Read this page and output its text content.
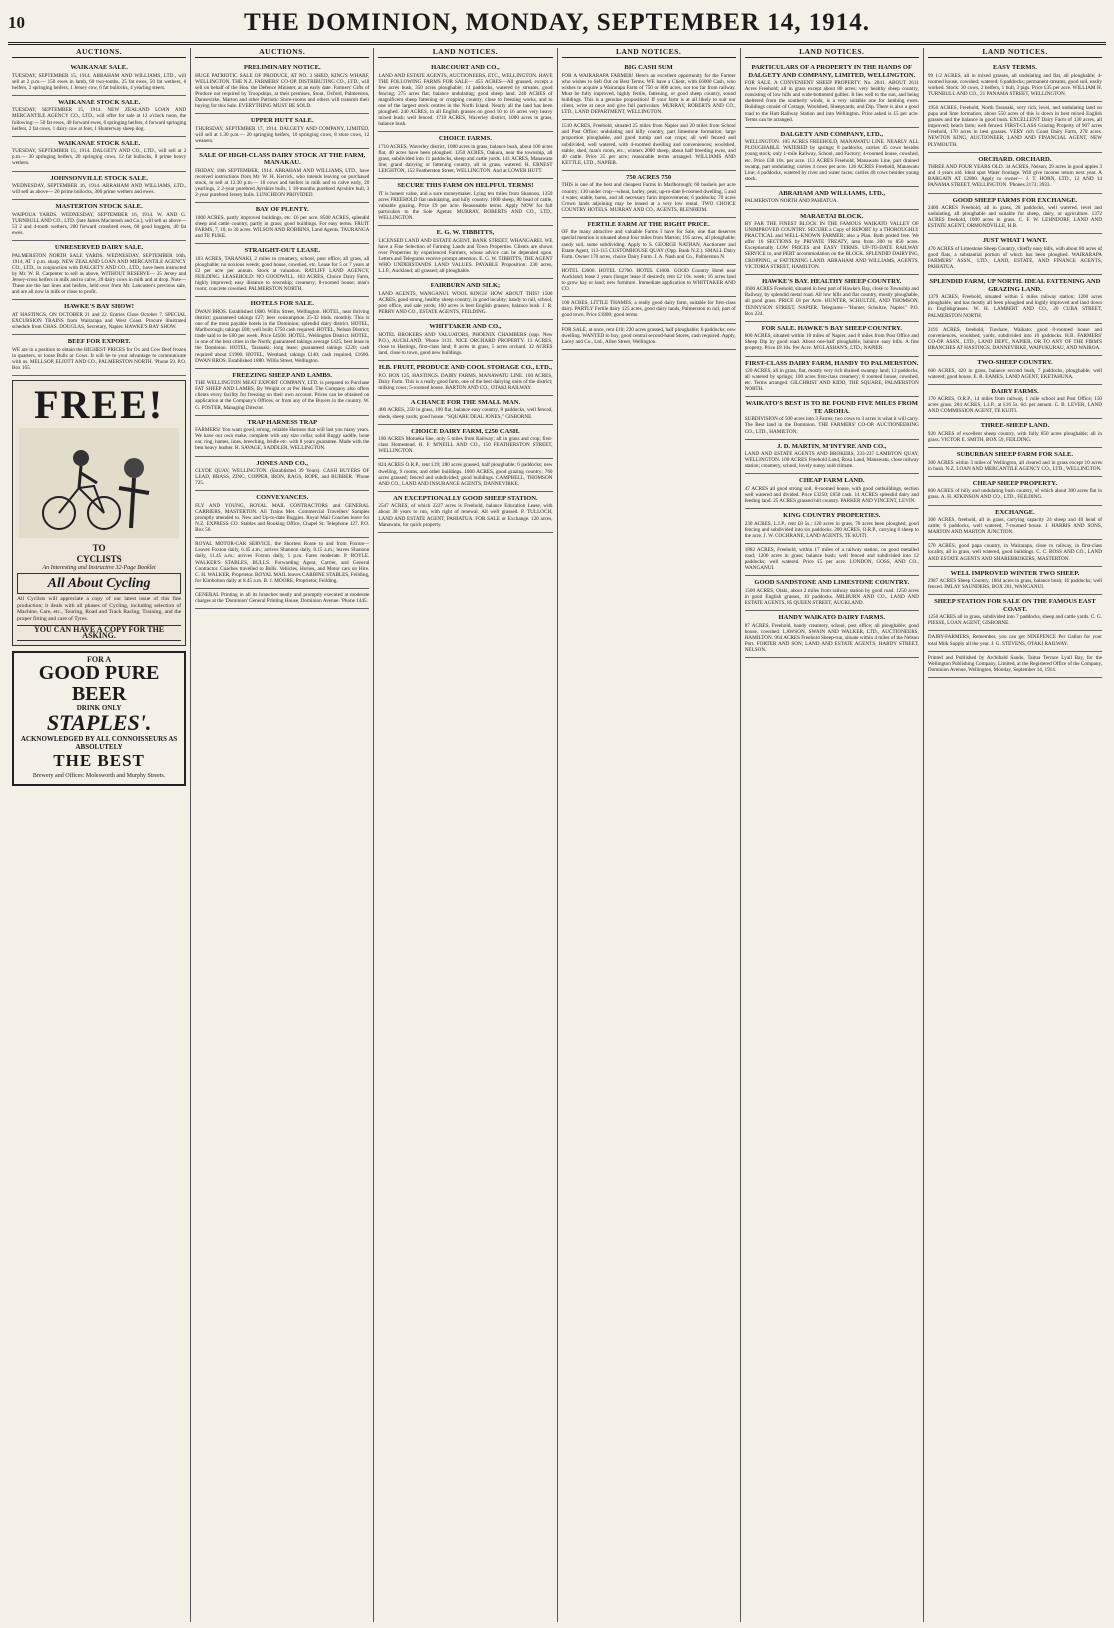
10	THE DOMINION, MONDAY, SEPTEMBER 14, 1914.
AUCTIONS.
WAIKANAE SALE.
TUESDAY, SEPTEMBER 15, 1914. ABRAHAM AND WILLIAMS, LTD., will sell at 2 p.m.— 150 ewes in lamb, 60 two-tooths, 25 fat ewes, 50 fat wethers, 6 heifers, 2 springing heifers, 1 Jersey cow, 6 fat bullocks, 4 yearling steers.
WAIKANAE STOCK SALE.
TUESDAY, SEPTEMBER 15, 1914. NEW ZEALAND LOAN AND MERCANTILE AGENCY CO., LTD., will offer for sale at 12 o'clock noon, the following:— 50 fat ewes, 40 forward ewes, 6 springing heifers, 4 forward springing heifers, 2 fat cows, 1 dairy cow at foot, 1 Hunterway sheep dog.
WAIKANAE STOCK SALE.
TUESDAY, SEPTEMBER 15, 1914. DALGETY AND CO., LTD., will sell at 2 p.m.— 30 springing heifers, 20 springing cows, 12 fat bullocks, 8 prime heavy wethers.
JOHNSONVILLE STOCK SALE.
WEDNESDAY, SEPTEMBER 16, 1914. ABRAHAM AND WILLIAMS, LTD., will sell as above— 20 prime bullocks, 300 prime wethers and ewes.
MASTERTON STOCK SALE.
WAIPOUA YARDS. WEDNESDAY, SEPTEMBER 16, 1914. W. AND G. TURNBULL AND CO., LTD. (late James Macintosh and Co.), will sell as above— 53 2 and 4-tooth wethers, 200 forward crossbred ewes, 60 good hoggets, 40 fat ewes.
UNRESERVED DAIRY SALE.
PALMERSTON NORTH SALE YARDS. WEDNESDAY, SEPTEMBER 16th, 1914, AT 1 p.m. sharp. NEW ZEALAND LOAN AND MERCANTILE AGENCY CO., LTD., in conjunction with DALGETY AND CO., LTD., have been instructed by Mr. W. B. Carpenter to sell as above, WITHOUT RESERVE— 25 Jersey and Jersey-cross heifers in milk and to calve, 20 dairy cows in milk and at drop. Note—These are the last lines and heifers, held over from Mr. Lancaster's previous sale, and are all now in milk or close to profit.
HAWKE'S BAY SHOW!
AT HASTINGS, ON OCTOBER 21 and 22. Entries Close October 7. SPECIAL EXCURSION TRAINS from Wairarapa and West Coast. Procure illustrated schedule from CHAS. DOUGLAS, Secretary, Napier. HAWKE'S BAY SHOW.
BEEF FOR EXPORT.
WE are in a position to obtain the HIGHEST PRICES for Ox and Cow Beef frozen in quarters, or loose Bulls or Cows. It will be to your advantage to communicate with us. MELLSOP, ELIOTT AND CO., PALMERSTON NORTH. 'Phone 59. P.O. Box 165.
FREE!
TO
CYCLISTS
An Interesting and Instructive 32-Page Booklet
All About Cycling
All Cyclists will appreciate a copy of our latest issue of this fine production; it deals with all phases of Cycling, including selection of Machine, Care, etc., Touring, Road and Track Racing, Training, and the proper fitting and care of Tyres.
YOU CAN HAVE A COPY FOR THE ASKING.
FOR A
GOOD PURE BEER
DRINK ONLY
STAPLES'.
ACKNOWLEDGED BY ALL CONNOISSEURS AS ABSOLUTELY
THE BEST
Brewery and Offices: Molesworth and Murphy Streets.
AUCTIONS.
PRELIMINARY NOTICE.
HUGE PATRIOTIC SALE OF PRODUCE, AT NO. 3 SHED, KING'S WHARF, WELLINGTON. THE N.Z. FARMERS' CO-OP. DISTRIBUTING CO., LTD., will sell on behalf of the Hon. the Defence Minister, at an early date. Farmers' Gifts of Produce not required by Troopships, at their premises, Stout, Oxford, Palmerston, Dannevirke, Marton and other Patriotic Store-rooms and others will transmit their buying for this Sale. EVERYTHING MUST BE SOLD.
UPPER HUTT SALE.
THURSDAY, SEPTEMBER 17, 1914. DALGETY AND COMPANY, LIMITED, will sell at 1.30 p.m.— 20 springing heifers, 10 springing cows, 8 store cows, 12 weaners.
SALE OF HIGH-CLASS DAIRY STOCK AT THE FARM, MANAKAU.
FRIDAY, 18th SEPTEMBER, 1914. ABRAHAM AND WILLIAMS, LTD., have received instructions from Mr. W. H. Kerrick, who intends leaving on purchased stock, to sell at 12.30 p.m.— 18 cows and heifers in milk and to calve early, 20 yearlings, 2 2-year purebred Ayrshire bulls, 1 18-months purebred Ayrshire bull, 3 2-year purebred Jersey bulls. LUNCHEON PROVIDED.
BAY OF PLENTY.
1000 ACRES, partly improved buildings, etc. £6 per acre. 8500 ACRES, splendid sheep and cattle country, partly in grass; good buildings. For easy terms. FRUIT FARMS, 7, 10, to 30 acres. WILSON AND ROBBINS, Land Agents, TAURANGA and TE PUKE.
STRAIGHT-OUT LEASE.
103 ACRES, TARANAKI, 2 miles to creamery, school, post office; all grass, all ploughable; no noxious weeds; good house, cowshed, etc. Lease for 5 or 7 years at £2 per acre per annum. Stock at valuation. RATLIFF LAND AGENCY, FEILDING. LEASEHOLD: NO GOODWILL. 103 ACRES, Choice Dairy Farm, highly improved; easy distance to township; creamery; 8-roomed house; man's room; concrete cowshed. PALMERSTON NORTH.
HOTELS FOR SALE.
DWAN BROS. Established 1880. Willis Street, Wellington. HOTEL, near thriving district; guaranteed takings £27; beer consumption 25-32 hhds. monthly. This is one of the most payable hotels in the Dominion; splendid dairy district. HOTEL, Marlborough; takings £80; well built; £750 cash required. HOTEL, Nelson District; trade said to be £60 per week. Price £4500. HOTEL, Wellington District. HOTEL, in one of the best cities in the North; guaranteed takings average £425; best lease in the Dominion. HOTEL, Taranaki; long lease; guaranteed takings £220; cash required about £1900. HOTEL, Westland; takings £140; cash required, £1600. DWAN BROS. Established 1880. Willis Street, Wellington.
FREEZING SHEEP AND LAMBS.
THE WELLINGTON MEAT EXPORT COMPANY, LTD. is prepared to Purchase FAT SHEEP AND LAMBS, By Weight or at Per Head. The Company also offers clients every facility for freezing on their own account. Prices can be obtained on application at the Company's Offices, or from any of the Buyers in the country. W. G. FOSTER, Managing Director.
TRAP HARNESS TRAP
FARMERS! You want good, strong, reliable Harness that will last you many years. We have our own make, complete with any size collar, solid Buggy saddle, bone ear, ring, hames, lines, breeching, bridle etc. with 8 years guarantee. Made with the best heavy leather. H. SAVAGE, SADDLER, WELLINGTON.
JONES AND CO.,
CLYDE QUAY, WELLINGTON. (Established 39 Years). CASH BUYERS OF LEAD, BRASS, ZINC, COPPER, IRON, RAGS, ROPE, and RUBBER. 'Phone 725.
CONVEYANCES.
FLY AND YOUNG, ROYAL MAIL CONTRACTORS and GENERAL CARRIERS, MASTERTON. All Trains Met. Commercial Travellers' Samples promptly attended to. New and Up-to-date Buggies. Royal Mail Coaches leave for N.Z. EXPRESS CO. Stables and Booking Office, Chapel St. Telephone 127. P.O. Box 56.
ROYAL MOTOR-CAR SERVICE, the Shortest Route to and from Foxton—Leaves Foxton daily, 6.45 a.m.; arrives Shannon daily, 8.15 a.m.; leaves Shannon daily, 11.45 a.m.; arrives Foxton daily, 1 p.m. Fares moderate. P. BOYLE. WALKER'S STABLES, BULLS. Forwarding Agent, Carrier, and General Contractor. Coaches travelled to Bulls. Vehicles, Horses, and Motor cars on Hire. C. H. WALKER, Proprietor. ROYAL MAIL leaves CARBINE STABLES, Feilding, for Kimbolton daily at 8.45 a.m. B. J. MOORE, Proprietor, Feilding.
GENERAL Printing in all its branches neatly and promptly executed at moderate charges at the 'Dominion' General Printing House, Dominion Avenue. 'Phone 1445.
LAND NOTICES.
HARCOURT AND CO.,
LAND AND ESTATE AGENTS, AUCTIONEERS, ETC., WELLINGTON. HAVE THE FOLLOWING FARMS FOR SALE— 455 ACRES—All grassed, except a few acres bush, 350 acres ploughable; 14 paddocks, watered by streams, good fencing; 275 acres flat; balance undulating; good sheep land. 240 ACRES of magnificent sheep fattening or cropping country, close to freezing works, and to one of the largest stock centres in the North Island. Nearly all the land has been ploughed. 240 ACRES, in all English grasses on good 10 to 16 acres very heavy mixed bush; well fenced. 1710 ACRES, Waverley district, 1000 acres in grass, balance bush.
CHOICE FARMS.
1710 ACRES, Waverley district, 1000 acres in grass, balance bush, about 100 acres flat, 40 acres have been ploughed. 1250 ACRES, Oakura, near the township, all grass, subdivided into 11 paddocks, sheep and cattle yards. 141 ACRES, Manawatu line; grand dairying or fattening country, all in grass, watered. H. ERNEST LEIGHTON, 152 Featherston Street, WELLINGTON. And at LOWER HUTT.
SECURE THIS FARM ON HELPFUL TERMS!
IT is honest value, and a sure moneymaker. Lying ten miles from Shannon, 1350 acres FREEHOLD flat undulating, and hilly country. 1000 sheep, 80 head of cattle, valuable grazing. Price £9 per acre. Reasonable terms. Apply NOW for full particulars to the Sole Agents: MURRAY, ROBERTS AND CO., LTD., WELLINGTON.
E. G. W. TIBBITTS,
LICENSED LAND AND ESTATE AGENT, BANK STREET, WHANGAREI. WE have a Fine Selection of Farming Lands and Town Properties. Clients are shown over Properties by experienced Farmers, whose advice can be depended upon. Letters and Telegrams receive prompt attention. E. G. W. TIBBITTS, THE AGENT WHO UNDERSTANDS LAND VALUES. PAYABLE Proposition: 230 acres, L.I.P., Auckland; all grassed; all ploughable.
FAIRBURN AND SILK;
LAND AGENTS, WANGANUI. WOOL KINGS! HOW ABOUT THIS? 1500 ACRES, good strong, healthy sheep country, in good locality; handy to rail, school, post office, and sale yards; 160 acres is best English grasses, balance bush. J. R. PERRY AND CO., ESTATE AGENTS, FEILDING.
WHITTAKER AND CO.,
HOTEL BROKERS AND VALUATORS, PHOENIX CHAMBERS (opp. New P.O.), AUCKLAND. 'Phone 3131. NICE ORCHARD PROPERTY. 13 ACRES, close to Hastings, first-class land; 8 acres in grass, 5 acres orchard. 32 ACRES land, close to town, good new buildings.
H.B. FRUIT, PRODUCE AND COOL STORAGE CO., LTD.,
P.O. BOX 125, HASTINGS. DAIRY FARMS, MANAWATU LINE. 100 ACRES, Dairy Farm. This is a really good farm, one of the best dairying units of the district; milking cows; 5-roomed house. BARTON AND CO., OTAKI RAILWAY.
A CHANCE FOR THE SMALL MAN.
400 ACRES, 250 in grass, 100 flat, balance easy country, 8 paddocks, well fenced, sheds, sheep yards; good house. "SQUARE DEAL JONES," GISBORNE.
CHOICE DAIRY FARM, £250 CASH.
180 ACRES Motueka line, only 5 miles from Railway; all in grass and crop; first-class Homestead. H. F. M'NEILL AND CO., 150 FEATHERSTON STREET, WELLINGTON.
824 ACRES O.R.P., rent £19; 280 acres grassed, half ploughable; 6 paddocks; new dwelling, 9 rooms, and other buildings. 1000 ACRES, good grazing country; 760 acres grassed; fenced and subdivided; good buildings. CAMPBELL, THOMSON AND CO., LAND AND INSURANCE AGENTS, DANNEVIRKE.
AN EXCEPTIONALLY GOOD SHEEP STATION.
2547 ACRES, of which 2227 acres is Freehold, balance Education Lease, with about 30 years to run, with right of renewal. All well grassed. P. TULLOCH, LAND AND ESTATE AGENT, PAHIATUA. FOR SALE or Exchange. 120 acres, Manawatu, for quick property.
LAND NOTICES.
BIG CASH SUM
FOR A WAIRARAPA FARMER! Here's an excellent opportunity for the Farmer who wishes to Sell Out on Best Terms. WE have a Client, with £6000 Cash, who wishes to acquire a Wairarapa Farm of 750 or 800 acres, not too far from railway. Must be fully improved, highly fertile, fattening, or good sheep country, sound buildings. This is a genuine proposition! If your farm is at all likely to suit our client, write at once and give full particulars. MURRAY, ROBERTS AND CO., LTD., LAND DEPARTMENT, WELLINGTON.
1510 ACRES, Freehold, situated 25 miles from Napier and 20 miles from School and Post Office; undulating and hilly country, part limestone formation; large proportion ploughable, and good turnip and oat crops; all well fenced and subdivided, well watered, with 4-roomed dwelling and conveniences; woolshed, stable, shed, man's room, etc.; winters 2000 sheep, about half breeding ewes, and 40 cattle. Price 25 per acre; reasonable terms arranged. WILLIAMS AND KETTLE, LTD., NAPIER.
750 ACRES 750
THIS is one of the best and cheapest Farms in Marlborough; 60 bushels per acre country; 130 under crop—wheat, barley, peas; up-to-date 8-roomed dwelling, 5 and 4 water, stable, barns, and all necessary farm improvements; 6 paddocks; 70 acres Crown lands adjoining may be leased at a very low rental. TWO CHOICE COUNTRY HOTELS. MURRAY AND CO., AGENTS, BLENHEIM.
FERTILE FARM AT THE RIGHT PRICE.
OF the many attractive and valuable Farms I have for Sale, one that deserves special mention is situated about four miles from Marton; 195 acres, all ploughable; sandy soil, some subdividing. Apply to S. GEORGE NATHAN, Auctioneer and Estate Agent, 113-115 CUSTOMHOUSE QUAY (Opp. Bank N.Z.). SMALL Dairy Farm. Owner 170 acres, choice Dairy Farm. J. A. Nash and Co., Palmerston N.
HOTEL £2000. HOTEL £2700. HOTEL £1000. GOOD Country Hotel near Auckland; lease 2 years (longer lease if desired); rent £2 10s. week; 16 acres land to grow hay or land; new furniture. Immediate application to WHITTAKER AND CO.
100 ACRES, LITTLE THAMES, a really good dairy farm, suitable for first-class dairy. PARTLY Fertile dairy 125 acres, good dairy lands, Palmerston to rail, part of good town. Price £1800; good terms.
FOR SALE, at once, rent £10; 220 acres grassed, half ploughable; 6 paddocks; new dwelling. WANTED to buy, good central second-hand Stores, cash required. Apply, Lacey and Co., Ltd., Allen Street, Wellington.
LAND NOTICES.
PARTICULARS OF A PROPERTY IN THE HANDS OF DALGETY AND COMPANY, LIMITED, WELLINGTON.
FOR SALE. A CONVENIENT SHEEP PROPERTY. No. 2041. ABOUT 2611 Acres Freehold; all in grass except about 80 acres; very healthy sheep country, consisting of low hills and wide-bottomed gullies. It lies well to the sun, and being sheltered from the southerly winds, is a very suitable one for lambing ewes. Buildings consist of Cottage, Woolshed, Sheepyards, and Dip. There is also a good road to the Hutt Railway Station and into Wellington. Price asked is £5 per acre. Terms can be arranged.
DALGETY AND COMPANY, LTD.,
WELLINGTON. 105 ACRES FREEHOLD, MANAWATU LINE. NEARLY ALL PLOUGHABLE. WATERED by springs; 8 paddocks, carries 45 cows besides young stock; only 1-mile Railway, School, and Factory; 4-roomed house, cowshed, etc. Price £38 10s. per acre. 113 ACRES Freehold, Manawatu Line, part drained swamp, part undulating; carries 4 cows per acre. 126 ACRES Freehold, Manawatu Line; 4 paddocks, watered by river and water races; carries 40 cows besides young stock.
ABRAHAM AND WILLIAMS, LTD.,
PALMERSTON NORTH AND PAHIATUA.
MARAETAI BLOCK.
BY FAR THE FINEST BLOCK IN THE FAMOUS WAIKATO VALLEY OF UNIMPROVED COUNTRY. SECURE a Copy of REPORT by a THOROUGHLY PRACTICAL and WELL-KNOWN FARMER; also a Plan. Both posted free. We offer 16 SECTIONS by PRIVATE TREATY, area from 200 to 850 acres. Exceptionally LOW PRICES and EASY TERMS. UP-TO-DATE RAILWAY SERVICE to, and PERT accommodation on the BLOCK. SPLENDID DAIRYING, CROPPING, or FATTENING LAND. ABRAHAM AND WILLIAMS, AGENTS, VICTORIA STREET, HAMILTON.
HAWKE'S BAY. HEALTHY SHEEP COUNTRY.
1600 ACRES Freehold, situated in best part of Hawke's Bay, close to Township and Railway, by splendid metal road. All low hills and flat country, mostly ploughable, all good grass. PRICE £8 per Acre. HUNTER, SCHULTZE, AND THOMSON, TENNYSON STREET, NAPIER. Telegrams—"Hunter, Schultze, Napier." P.O. Box 224.
FOR SALE. HAWKE'S BAY SHEEP COUNTRY.
600 ACRES, situated within 10 miles of Napier, and 8 miles from Post Office and Sheep Dip by good road. About one-half ploughable, balance easy hills. A fine property. Price £8 10s. Per Acre. M'GLASHAN'S, LTD., NAPIER.
FIRST-CLASS DAIRY FARM, HANDY TO PALMERSTON.
120 ACRES, all in grass, flat, mostly very rich drained swampy land; 12 paddocks, all watered by springs; 100 acres first-class creamery; 8 roomed house, cowshed, etc. Terms arranged. GILCHRIST AND KIDD, THE SQUARE, PALMERSTON NORTH.
WAIKATO'S BEST IS TO BE FOUND FIVE MILES FROM TE AROHA.
SUBDIVISION of 500 acres into 3 Farms; two cows to 3 acres is what it will carry. The Best land in the Dominion. THE FARMERS' CO-OP. AUCTIONEERING CO., LTD., HAMILTON.
J. D. MARTIN, M'INTYRE AND CO.,
LAND AND ESTATE AGENTS AND BROKERS, 233-237 LAMBTON QUAY, WELLINGTON. 100 ACRES Freehold Land, Rosa Land, Manawatu, close railway station; creamery, school, lovely sunny sold climate.
CHEAP FARM LAND.
47 ACRES all good strong soil, 8-roomed house, with good outbuildings, section well watered and divided. Price £3250; £650 cash. 14 ACRES splendid dairy and feeding land. 25 ACRES grassed hill country. PARKER AND VINCENT, LEVIN.
KING COUNTRY PROPERTIES.
230 ACRES, L.I.P., rent £8 5s.; 120 acres in grass, 70 acres been ploughed, good fencing and subdivided into six paddocks. 200 ACRES, O.R.P., carrying 6 sheep to the acre. J. W. COCHRANE, LAND AGENTS, TE KUITI.
1882 ACRES, Freehold, within 17 miles of a railway station, on good metalled road; 1200 acres in grass; balance bush; well fenced and subdivided into 12 paddocks; well watered. Price £5 per acre. LONDON, GOSS, AND CO., WANGANUI.
GOOD SANDSTONE AND LIMESTONE COUNTRY.
1500 ACRES, Otaki, about 2 miles from railway station by good road. 1250 acres in good English grasses, 10 paddocks. MILBURN AND CO., LAND AND ESTATE AGENTS, 85 QUEEN STREET, AUCKLAND.
HANDY WAIKATO DAIRY FARMS.
87 ACRES, Freehold, handy creamery, school, post office; all ploughable; good house, cowshed. LAWSON, SWAIN AND WALKER, LTD., AUCTIONEERS, HAMILTON. 964 ACRES Freehold Sheep-run, situate within 4 miles of the Nelson Port. FORTER AND SON, LAND AND ESTATE AGENTS, HARDY STREET, NELSON.
LAND NOTICES.
EASY TERMS.
99 1/2 ACRES, all in mixed grasses, all undulating and flat, all ploughable; 4-roomed house, cowshed; watered; 6 paddocks; permanent streams, good soil, easily worked. Stock: 30 cows, 2 heifers, 1 bull, 3 pigs. Price £35 per acre. WILLIAM H. TURNBULL AND CO., 21 PANAMA STREET, WELLINGTON.
1950 ACRES, Freehold, North Taranaki, very rich, level, and undulating land on pupa and lime formation; about 550 acres of this is down in best mixed English grasses and the balance in good bush. EXCELLENT Dairy Farm of 130 acres, all improved; beach farm; well fenced. FIRST-CLASS Grazing Property of 907 acres Freehold, 170 acres in best grasses. VERY rich Coast Dairy Farm, 278 acres. NEWTON KING, AUCTIONEER, LAND AND FINANCIAL AGENT, NEW PLYMOUTH.
ORCHARD. ORCHARD.
THREE AND FOUR YEARS OLD. 34 ACRES, Nelson; 29 acres in good apples 3 and 4 years old. Ideal spot Water frontage. Will give income return next year. A BARGAIN AT £2800. Apply to owner— J. T. HORN, LTD., 12 AND 14 PANAMA STREET, WELLINGTON. 'Phones 2173; 3933.
GOOD SHEEP FARMS FOR EXCHANGE.
2400 ACRES Freehold, all in grass, 28 paddocks, well watered, level and undulating, all ploughable and suitable for sheep, dairy, or agriculture. 1372 ACRES freehold, 1000 acres in grass. C. F. W. LEHNDORF, LAND AND ESTATE AGENT, ORMONDVILLE, H.B.
JUST WHAT I WANT.
470 ACRES of Limestone Sheep Country, chiefly easy hills, with about 80 acres of good flats, a substantial portion of which has been ploughed. WAIRARAPA FARMERS' ASSN., LTD., LAND, ESTATE, AND FINANCE AGENTS, PAHIATUA.
SPLENDID FARM, UP NORTH. IDEAL FATTENING AND GRAZING LAND.
1379 ACRES, Freehold, situated within 5 miles railway station; 1200 acres ploughable, and has mostly all been ploughed and highly improved and land down in Englishgrasses. W. H. LAMBERT AND CO., 20 CUBA STREET, PALMERSTON NORTH.
3191 ACRES, freehold, Tuwhare, Waikato; good 8-roomed house and conveniences, woolshed, yards; subdivided into 10 paddocks. H.B. FARMERS' CO-OP. ASSN., LTD., LAND DEPT., NAPIER, OR TO ANY OF THE FIRM'S BRANCHES AT HASTINGS, DANNEVIRKE, WAIPUKURAU, AND WAIROA.
TWO-SHEEP COUNTRY.
600 ACRES, 420 in grass, balance second bush, 7 paddocks, ploughable; well watered; good house. E. R. EAMES, LAND AGENT, EKETAHUNA.
DAIRY FARMS.
170 ACRES, O.R.P., 14 miles from railway, 1 mile school and Post Office; 150 acres grass. 204 ACRES, L.I.P., at £16 5s. 6d. per annum. C. B. LEVER, LAND AND COMMISSION AGENT, TE KUITI.
THREE-SHEEP LAND.
920 ACRES of excellent sheep country, with fully 850 acres ploughable; all in grass. VICTOR E. SMITH, BOX 59, FEILDING.
SUBURBAN SHEEP FARM FOR SALE.
300 ACRES within 3 miles of Wellington, all cleared and in grass except 10 acres in bush. N.Z. LOAN AND MERCANTILE AGENCY CO., LTD., WELLINGTON.
CHEAP SHEEP PROPERTY.
800 ACRES of hilly and undulating bush country, of which about 300 acres flat in grass. A. H. ATKINSON AND CO., LTD., FEILDING.
EXCHANGE.
300 ACRES, freehold, all in grass, carrying capacity 24 sheep and 40 head of cattle; 6 paddocks, well watered, 7-roomed house. J. HARRIS AND SONS, MARTON AND MARTON JUNCTION.
570 ACRES, good papa country, in Wairarapa, close to railway, in first-class locality, all in grass, well watered, good buildings. C. C. ROSS AND CO., LAND AND ESTATE AGENTS AND SHAREBROKERS, MASTERTON.
WELL IMPROVED WINTER TWO SHEEP.
2987 ACRES Sheep Country, 1864 acres in grass, balance bush; 16 paddocks; well fenced. IMLAY SAUNDERS, BOX 201, WANGANUI.
SHEEP STATION FOR SALE ON THE FAMOUS EAST COAST.
1250 ACRES all in grass, subdivided into 7 paddocks, sheep and cattle yards. C. G. PIESSE, LOAN AGENT, GISBORNE.
DAIRY-FARMERS, Remember, you can get NINEPENCE Per Gallon for your total Milk Supply all the year. J. G. STEVENS, OTAKI RAILWAY.
Printed and Published by Archibald Sando, Taitua Terrace Lyall Bay, for the Wellington Publishing Company, Limited, at the Registered Office of the Company, Dominion Avenue, Wellington, Monday, September 14, 1914.
